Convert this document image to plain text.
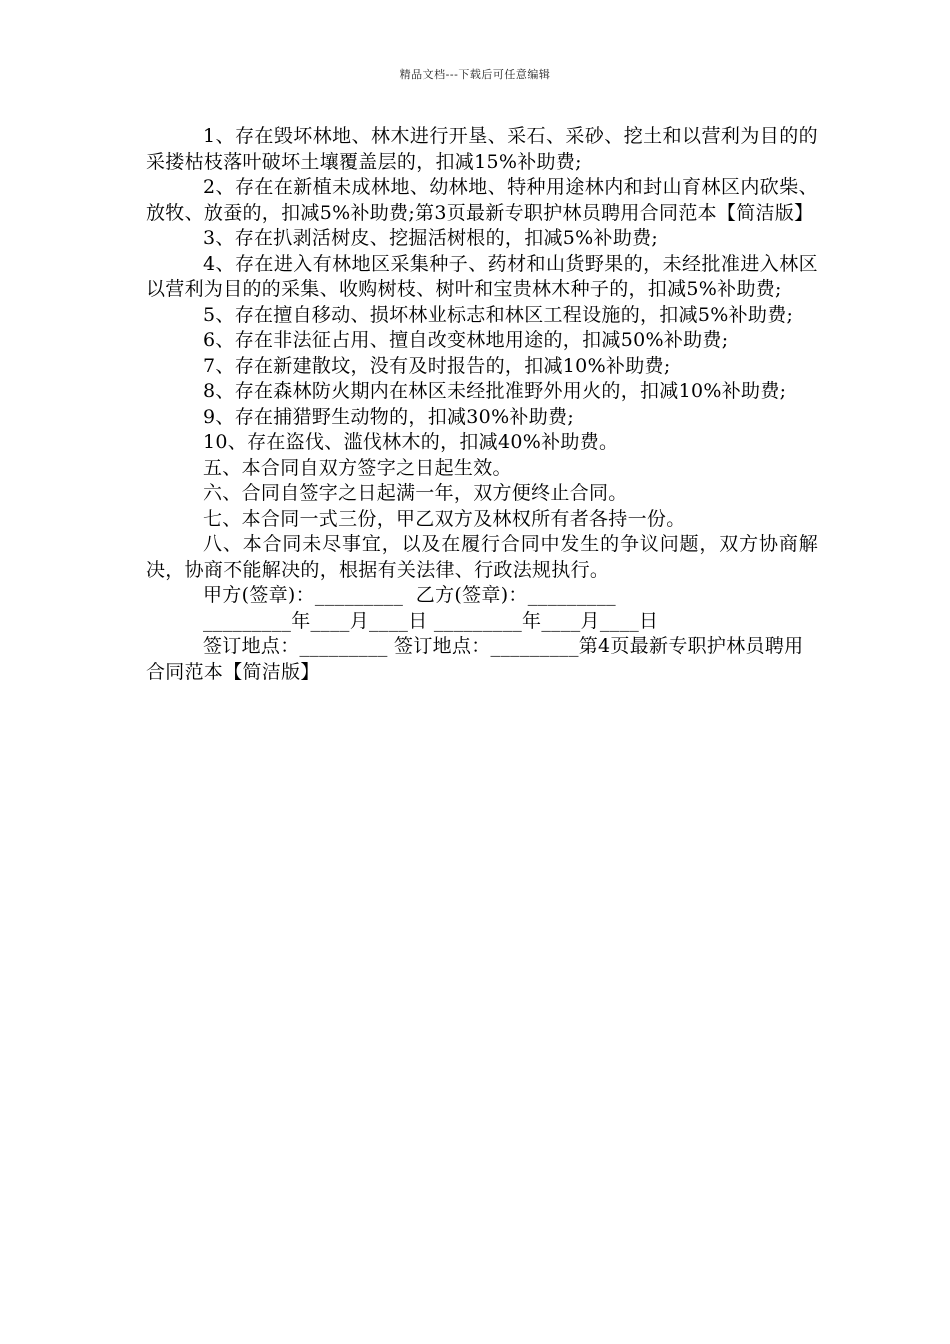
精品文档---下载后可任意编辑

1、存在毁坏林地、林木进行开垦、采石、采砂、挖土和以营利为目的的采搂枯枝落叶破坏土壤覆盖层的，扣减15%补助费;

2、存在在新植未成林地、幼林地、特种用途林内和封山育林区内砍柴、放牧、放蚕的，扣减5%补助费;第3页最新专职护林员聘用合同范本【简洁版】

3、存在扒剥活树皮、挖掘活树根的，扣减5%补助费;

4、存在进入有林地区采集种子、药材和山货野果的，未经批准进入林区以营利为目的的采集、收购树枝、树叶和宝贵林木种子的，扣减5%补助费;

5、存在擅自移动、损坏林业标志和林区工程设施的，扣减5%补助费;

6、存在非法征占用、擅自改变林地用途的，扣减50%补助费;

7、存在新建散坟，没有及时报告的，扣减10%补助费;

8、存在森林防火期内在林区未经批准野外用火的，扣减10%补助费;

9、存在捕猎野生动物的，扣减30%补助费;

10、存在盗伐、滥伐林木的，扣减40%补助费。

五、本合同自双方签字之日起生效。

六、合同自签字之日起满一年，双方便终止合同。

七、本合同一式三份，甲乙双方及林权所有者各持一份。

八、本合同未尽事宜，以及在履行合同中发生的争议问题，双方协商解决，协商不能解决的，根据有关法律、行政法规执行。

甲方(签章)：_________  乙方(签章)：_________

_________年____月____日 _________年____月____日

签订地点：_________ 签订地点：_________第4页最新专职护林员聘用合同范本【简洁版】
